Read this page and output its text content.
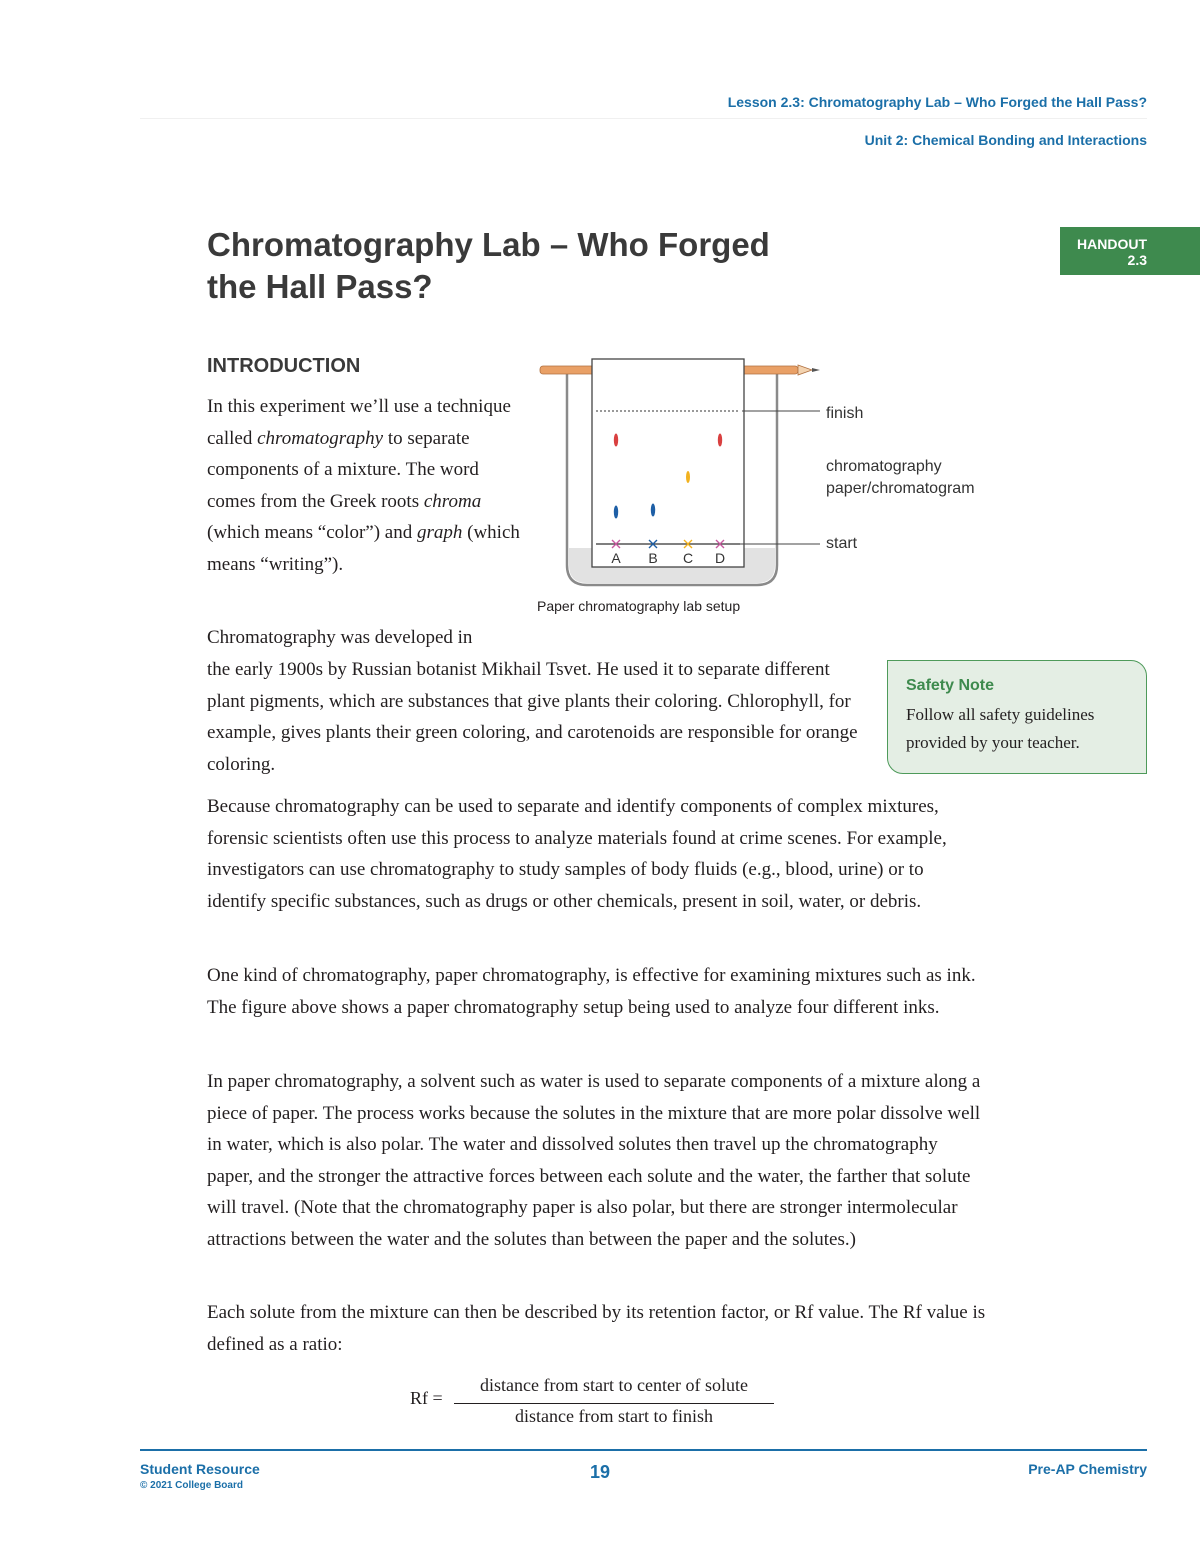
Lesson 2.3: Chromatography Lab – Who Forged the Hall Pass?
Unit 2: Chemical Bonding and Interactions
HANDOUT
2.3
Chromatography Lab – Who Forged
the Hall Pass?
INTRODUCTION

In this experiment we’ll use a technique called chromatography to separate components of a mixture. The word comes from the Greek roots chroma (which means “color”) and graph (which means “writing”).	A B C D
finish
chromatography
paper/chromatogram
start
Paper chromatography lab setup

Chromatography was developed in

the early 1900s by Russian botanist Mikhail Tsvet. He used it to separate different plant pigments, which are substances that give plants their coloring. Chlorophyll, for example, gives plants their green coloring, and carotenoids are responsible for orange coloring.

Safety Note
Follow all safety guidelines provided by your teacher.

Because chromatography can be used to separate and identify components of complex mixtures, forensic scientists often use this process to analyze materials found at crime scenes. For example, investigators can use chromatography to study samples of body fluids (e.g., blood, urine) or to identify specific substances, such as drugs or other chemicals, present in soil, water, or debris.

One kind of chromatography, paper chromatography, is effective for examining mixtures such as ink. The figure above shows a paper chromatography setup being used to analyze four different inks.

In paper chromatography, a solvent such as water is used to separate components of a mixture along a piece of paper. The process works because the solutes in the mixture that are more polar dissolve well in water, which is also polar. The water and dissolved solutes then travel up the chromatography paper, and the stronger the attractive forces between each solute and the water, the farther that solute will travel. (Note that the chromatography paper is also polar, but there are stronger intermolecular attractions between the water and the solutes than between the paper and the solutes.)

Each solute from the mixture can then be described by its retention factor, or Rf value. The Rf value is defined as a ratio:

Rf =
distance from start to center of solute
distance from start to finish
Student Resource
© 2021 College Board
19	Pre-AP Chemistry
